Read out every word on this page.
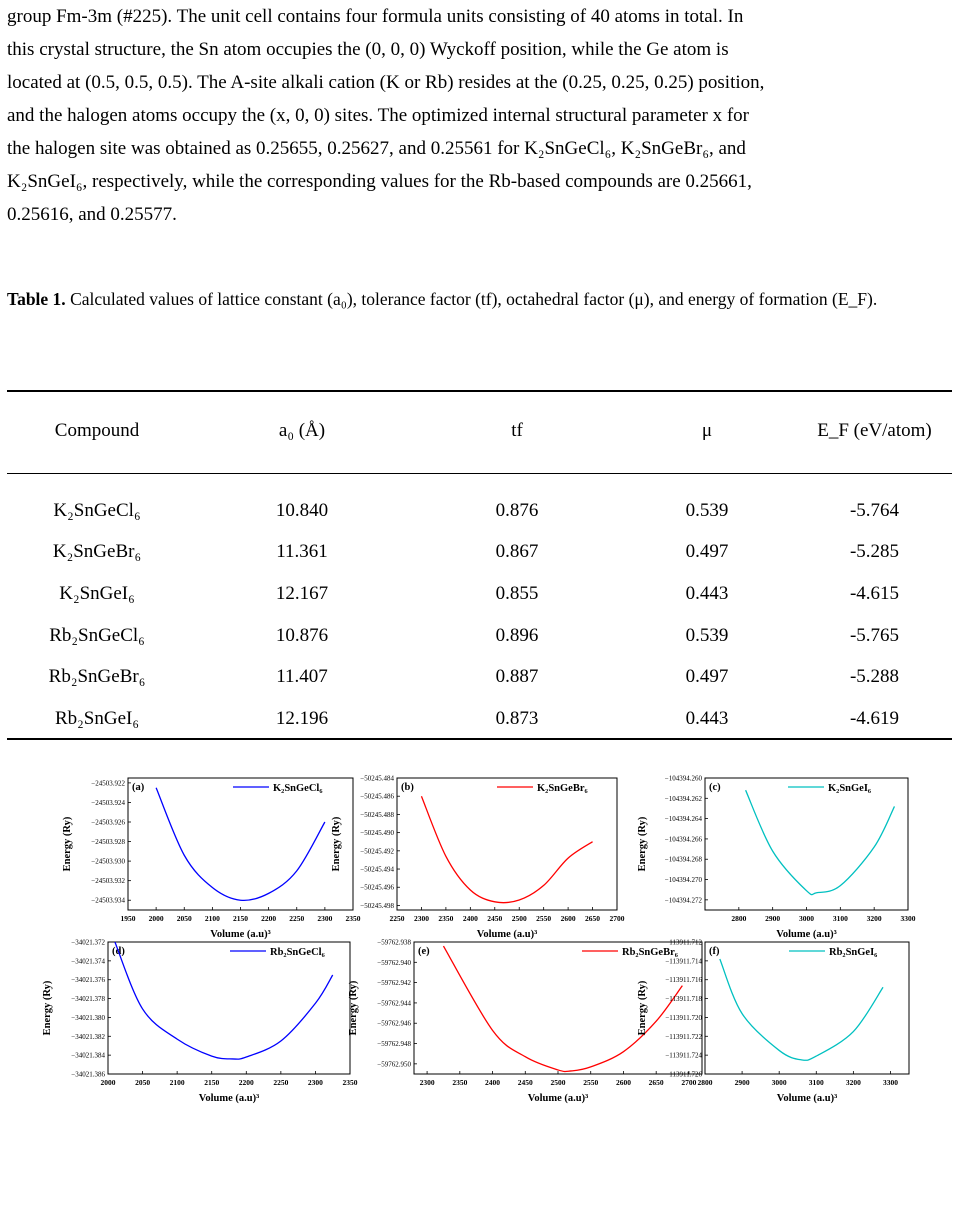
group Fm-3m (#225). The unit cell contains four formula units consisting of 40 atoms in total. In
this crystal structure, the Sn atom occupies the (0, 0, 0) Wyckoff position, while the Ge atom is
located at (0.5, 0.5, 0.5). The A-site alkali cation (K or Rb) resides at the (0.25, 0.25, 0.25) position,
and the halogen atoms occupy the (x, 0, 0) sites. The optimized internal structural parameter x for
the halogen site was obtained as 0.25655, 0.25627, and 0.25561 for K₂SnGeCl₆, K₂SnGeBr₆, and
K₂SnGeI₆, respectively, while the corresponding values for the Rb-based compounds are 0.25661,
0.25616, and 0.25577.
Table 1. Calculated values of lattice constant (a₀), tolerance factor (tf), octahedral factor (μ), and energy of formation (E_F).
Compound	a₀ (Å)	tf	μ	E_F (eV/atom)
K₂SnGeCl₆	10.840	0.876	0.539	-5.764
K₂SnGeBr₆	11.361	0.867	0.497	-5.285
K₂SnGeI₆	12.167	0.855	0.443	-4.615
Rb₂SnGeCl₆	10.876	0.896	0.539	-5.765
Rb₂SnGeBr₆	11.407	0.887	0.497	-5.288
Rb₂SnGeI₆	12.196	0.873	0.443	-4.619
1950 2000 2050 2100 2150 2200 2250 2300 2350
−24503.922
−24503.924
−24503.926
−24503.928
−24503.930
−24503.932
−24503.934
Volume (a.u)³
Energy (Ry)
(a)	K₂SnGeCl₆
2250 2300 2350 2400 2450 2500 2550 2600 2650 2700
−50245.484
−50245.486
−50245.488
−50245.490
−50245.492
−50245.494
−50245.496
−50245.498
Volume (a.u)³
Energy (Ry)
(b)	K₂SnGeBr₆
2800	2900	3000	3100	3200	3300
−104394.260
−104394.262
−104394.264
−104394.266
−104394.268
−104394.270
−104394.272
Volume (a.u)³
Energy (Ry)
(c)	K₂SnGeI₆
2000	2050	2100	2150	2200	2250	2300	2350
−34021.372
−34021.374
−34021.376
−34021.378
−34021.380
−34021.382
−34021.384
−34021.386
Volume (a.u)³
Energy (Ry)
(d)	Rb₂SnGeCl₆
2300 2350 2400 2450 2500 2550 2600 2650 2700
−59762.938
−59762.940
−59762.942
−59762.944
−59762.946
−59762.948
−59762.950
Volume (a.u)³
Energy (Ry)
(e)	Rb₂SnGeBr₆
2800	2900	3000	3100	3200	3300
−113911.712
−113911.714
−113911.716
−113911.718
−113911.720
−113911.722
−113911.724
−113911.726
Volume (a.u)³
Energy (Ry)
(f)	Rb₂SnGeI₆
